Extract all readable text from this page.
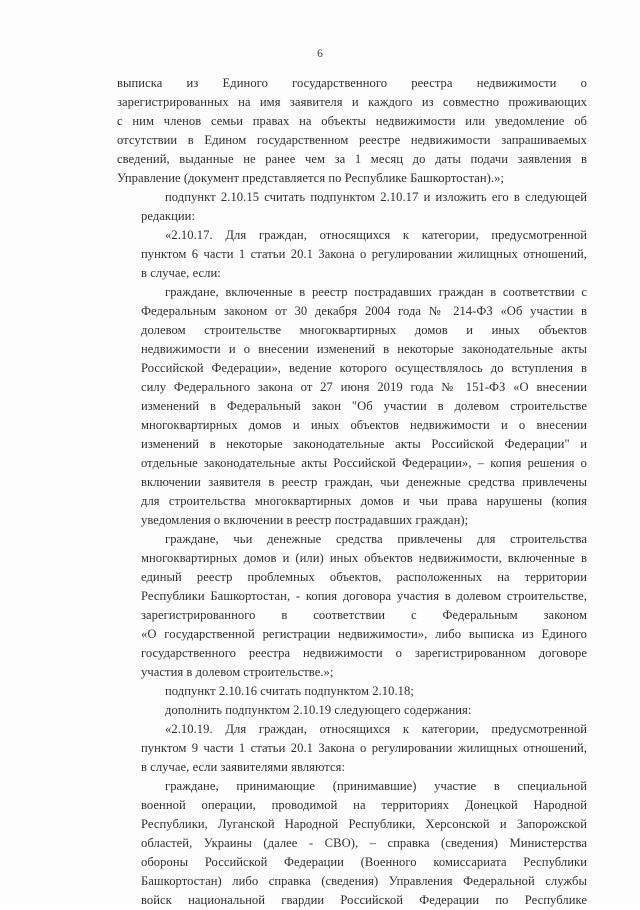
6
выписка из Единого государственного реестра недвижимости о
зарегистрированных на имя заявителя и каждого из совместно проживающих
с ним членов семьи правах на объекты недвижимости или уведомление об
отсутствии в Едином государственном реестре недвижимости запрашиваемых
сведений, выданные не ранее чем за 1 месяц до даты подачи заявления в
Управление (документ представляется по Республике Башкортостан).»;
подпункт 2.10.15 считать подпунктом 2.10.17 и изложить его в следующей
редакции:
«2.10.17. Для граждан, относящихся к категории, предусмотренной
пунктом 6 части 1 статьи 20.1 Закона о регулировании жилищных отношений,
в случае, если:
граждане, включенные в реестр пострадавших граждан в соответствии с
Федеральным законом от 30 декабря 2004 года № 214-ФЗ «Об участии в
долевом строительстве многоквартирных домов и иных объектов
недвижимости и о внесении изменений в некоторые законодательные акты
Российской Федерации», ведение которого осуществлялось до вступления в
силу Федерального закона от 27 июня 2019 года № 151-ФЗ «О внесении
изменений в Федеральный закон "Об участии в долевом строительстве
многоквартирных домов и иных объектов недвижимости и о внесении
изменений в некоторые законодательные акты Российской Федерации" и
отдельные законодательные акты Российской Федерации», – копия решения о
включении заявителя в реестр граждан, чьи денежные средства привлечены
для строительства многоквартирных домов и чьи права нарушены (копия
уведомления о включении в реестр пострадавших граждан);
граждане, чьи денежные средства привлечены для строительства
многоквартирных домов и (или) иных объектов недвижимости, включенные в
единый реестр проблемных объектов, расположенных на территории
Республики Башкортостан, - копия договора участия в долевом строительстве,
зарегистрированного в соответствии с Федеральным законом
«О государственной регистрации недвижимости», либо выписка из Единого
государственного реестра недвижимости о зарегистрированном договоре
участия в долевом строительстве.»;
подпункт 2.10.16 считать подпунктом 2.10.18;
дополнить подпунктом 2.10.19 следующего содержания:
«2.10.19. Для граждан, относящихся к категории, предусмотренной
пунктом 9 части 1 статьи 20.1 Закона о регулировании жилищных отношений,
в случае, если заявителями являются:
граждане, принимающие (принимавшие) участие в специальной
военной операции, проводимой на территориях Донецкой Народной
Республики, Луганской Народной Республики, Херсонской и Запорожской
областей, Украины (далее - СВО), – справка (сведения) Министерства
обороны Российской Федерации (Военного комиссариата Республики
Башкортостан) либо справка (сведения) Управления Федеральной службы
войск национальной гвардии Российской Федерации по Республике
